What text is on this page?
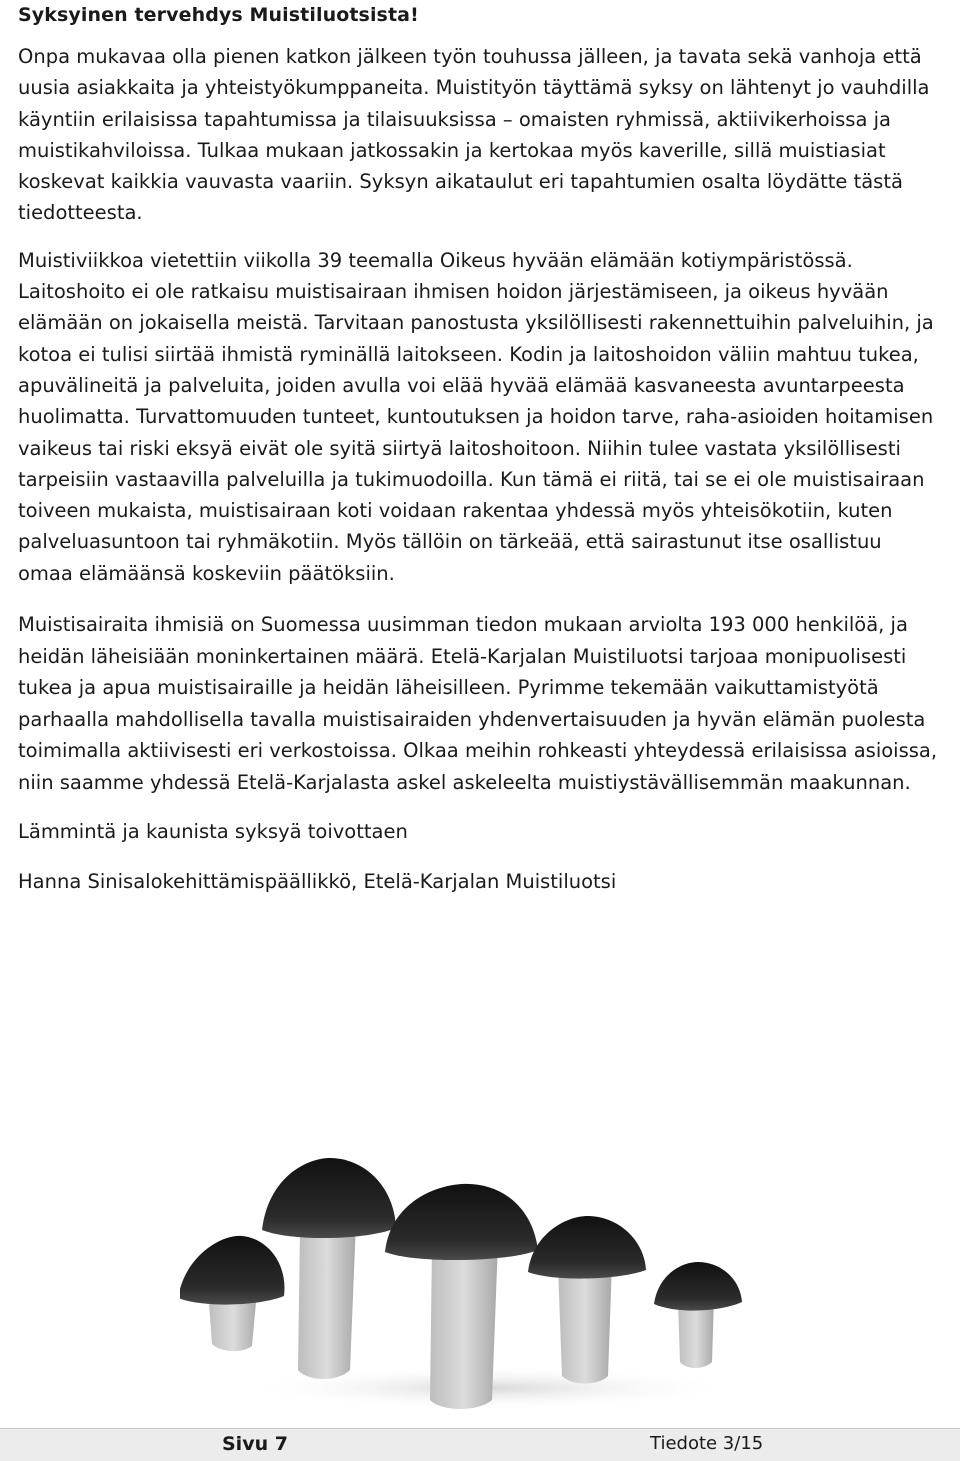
Syksyinen tervehdys Muistiluotsista!

Onpa mukavaa olla pienen katkon jälkeen työn touhussa jälleen, ja tavata sekä vanhoja että uusia asiakkaita ja yhteistyökumppaneita. Muistityön täyttämä syksy on lähtenyt jo vauhdilla käyntiin erilaisissa tapahtumissa ja tilaisuuksissa – omaisten ryhmissä, aktiivikerhoissa ja muistikahviloissa. Tulkaa mukaan jatkossakin ja kertokaa myös kaverille, sillä muistiasiat koskevat kaikkia vauvasta vaariin. Syksyn aikataulut eri tapahtumien osalta löydätte tästä tiedotteesta.

Muistiviikkoa vietettiin viikolla 39 teemalla Oikeus hyvään elämään kotiympäristössä. Laitoshoito ei ole ratkaisu muistisairaan ihmisen hoidon järjestämiseen, ja oikeus hyvään elämään on jokaisella meistä. Tarvitaan panostusta yksilöllisesti rakennettuihin palveluihin, ja kotoa ei tulisi siirtää ihmistä ryminällä laitokseen. Kodin ja laitoshoidon väliin mahtuu tukea, apuvälineitä ja palveluita, joiden avulla voi elää hyvää elämää kasvaneesta avuntarpeesta huolimatta. Turvattomuuden tunteet, kuntoutuksen ja hoidon tarve, raha-asioiden hoitamisen vaikeus tai riski eksyä eivät ole syitä siirtyä laitoshoitoon. Niihin tulee vastata yksilöllisesti tarpeisiin vastaavilla palveluilla ja tukimuodoilla. Kun tämä ei riitä, tai se ei ole muistisairaan toiveen mukaista, muistisairaan koti voidaan rakentaa yhdessä myös yhteisökotiin, kuten palveluasuntoon tai ryhmäkotiin. Myös tällöin on tärkeää, että sairastunut itse osallistuu omaa elämäänsä koskeviin päätöksiin.

Muistisairaita ihmisiä on Suomessa uusimman tiedon mukaan arviolta 193 000 henkilöä, ja heidän läheisiään moninkertainen määrä. Etelä-Karjalan Muistiluotsi tarjoaa monipuolisesti tukea ja apua muistisairaille ja heidän läheisilleen. Pyrimme tekemään vaikuttamistyötä parhaalla mahdollisella tavalla muistisairaiden yhdenvertaisuuden ja hyvän elämän puolesta toimimalla aktiivisesti eri verkostoissa. Olkaa meihin rohkeasti yhteydessä erilaisissa asioissa, niin saamme yhdessä Etelä-Karjalasta askel askeleelta muistiystävällisemmän maakunnan.

Lämmintä ja kaunista syksyä toivottaen

Hanna Sinisalokehittämispäällikkö, Etelä-Karjalan Muistiluotsi

Sivu 7	Tiedote 3/15
